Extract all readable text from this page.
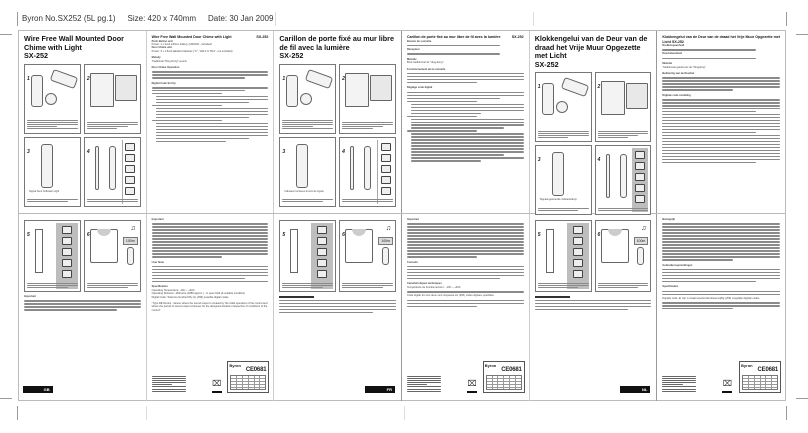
Byron No.SX252 (5L pg.1) Size: 420 x 740mm Date: 30 Jan 2009
Wire Free Wall Mounted Door Chime with Light
SX-252
1	2
3
Signal Sent Indicator Light
4
Wire Free Wall Mounted Door Chime with Light	SX-252
Push Button unit
Power: 1 x 3volt Lithium battery (CR2032 - included)
Door Chime unit
Power: 3 x 1.5volt alkaline batteries ("C", 'LR14' & 'R14' - not included)
Melody
Traditional "Ding Dong" sound.
Door Chime Operation
Digital Code Set Up
Carillon de porte fixé au mur libre de fil avec la lumière
SX-252
1	2
3
Indicateur lumineux d'envoi de signal
4
Carillon de porte fixé au mur libre de fil avec la lumière	SX-252
Bouton de sonnette
Récepteur
Mélodie
Bruit traditionnel de "ding-dong".
Fonctionnement de la sonnette
Réglage code digital
Klokkengelui van de Deur van de draad het Vrije Muur Opgezette met Licht
SX-252
1	2
3
Signaal gestuurde indicatorlamp
4
Klokkengelui van de Deur van de draad het Vrije Muur Opgezette met Licht SX-252
Drukknopeenheid
Deurbeleunheid
Melodie
Traditioneel geluid van de "Dingdong".
Bediening van de Deurbel
Digitale code instelling
5	6
♫
100m
Important
Important
User Note
Specification
Operating Temperature: -10C ~ +40C
Operating Distance: 100metre (328ft approx.) - in open field (& suitable condition)
Digital Code: Total two hundred fifty six (256) possible digital codes
"Type RE Device - device where the sound output is created by the initial operation of the control and where the period of sound output continues for the designed duration irrespective of conditions of the control"
⌧
Byron
CE0681
GB
5	6
♫
100m
FR
Important
Conseils
Caractéristiques techniques
Température de fonctionnement : -10C ~ +40C
Code digital: En tout deux cent cinquante six (256) codes digitaux possibles
⌧
Byron
CE0681
5	6
♫
100m
NL
Belangrijk
Gebruikersopmerkingen
Specificaties
Digitale code: Er zijn in totaal tweehonderdzesenvijftig (256) mogelijke digitale codes
⌧
Byron
CE0681
